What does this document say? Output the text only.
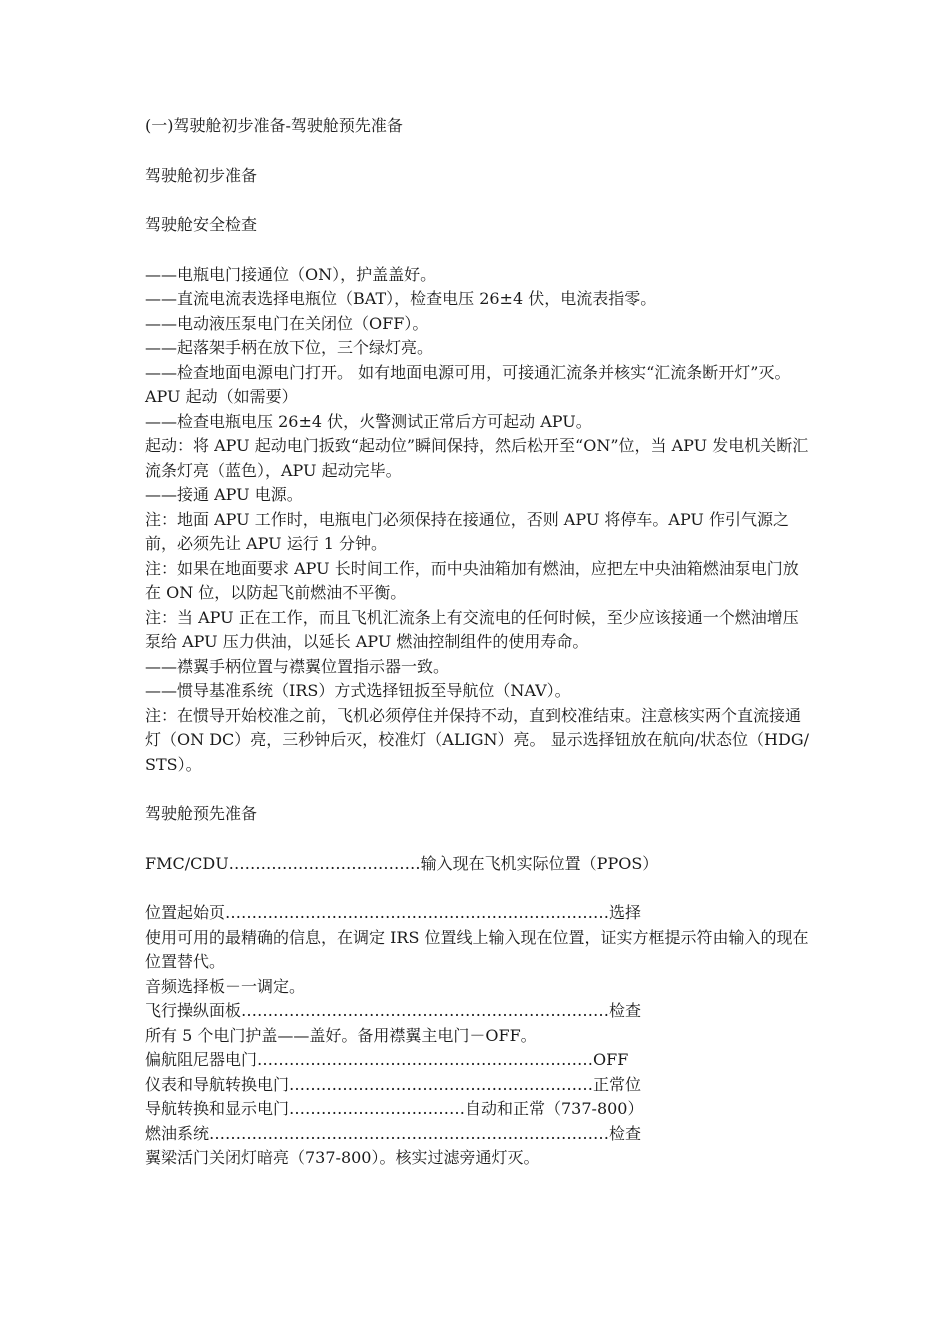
(一)驾驶舱初步准备-驾驶舱预先准备
驾驶舱初步准备
驾驶舱安全检查
——电瓶电门接通位（ON），护盖盖好。
——直流电流表选择电瓶位（BAT），检查电压 26±4 伏，电流表指零。
——电动液压泵电门在关闭位（OFF）。
——起落架手柄在放下位，三个绿灯亮。
——检查地面电源电门打开。 如有地面电源可用，可接通汇流条并核实“汇流条断开灯”灭。
APU 起动（如需要）
——检查电瓶电压 26±4 伏，火警测试正常后方可起动 APU。
起动：将 APU 起动电门扳致“起动位”瞬间保持，然后松开至“ON”位，当 APU 发电机关断汇流条灯亮（蓝色），APU 起动完毕。
——接通 APU 电源。
注：地面 APU 工作时，电瓶电门必须保持在接通位，否则 APU 将停车。APU 作引气源之前，必须先让 APU 运行 1 分钟。
注：如果在地面要求 APU 长时间工作，而中央油箱加有燃油，应把左中央油箱燃油泵电门放在 ON 位，以防起飞前燃油不平衡。
注：当 APU 正在工作，而且飞机汇流条上有交流电的任何时候，至少应该接通一个燃油增压泵给 APU 压力供油，以延长 APU 燃油控制组件的使用寿命。
——襟翼手柄位置与襟翼位置指示器一致。
——惯导基准系统（IRS）方式选择钮扳至导航位（NAV）。
注：在惯导开始校准之前，飞机必须停住并保持不动，直到校准结束。注意核实两个直流接通灯（ON DC）亮，三秒钟后灭，校准灯（ALIGN）亮。 显示选择钮放在航向/状态位（HDG/STS）。
驾驶舱预先准备
FMC/CDU………………………………输入现在飞机实际位置（PPOS）
位置起始页………………………………………………………………选择
使用可用的最精确的信息，在调定 IRS 位置线上输入现在位置，证实方框提示符由输入的现在位置替代。
音频选择板－一调定。
飞行操纵面板……………………………………………………………检查
所有 5 个电门护盖——盖好。备用襟翼主电门－OFF。
偏航阻尼器电门………………………………………………………OFF
仪表和导航转换电门…………………………………………………正常位
导航转换和显示电门……………………………自动和正常（737-800）
燃油系统…………………………………………………………………检查
翼梁活门关闭灯暗亮（737-800）。核实过滤旁通灯灭。
